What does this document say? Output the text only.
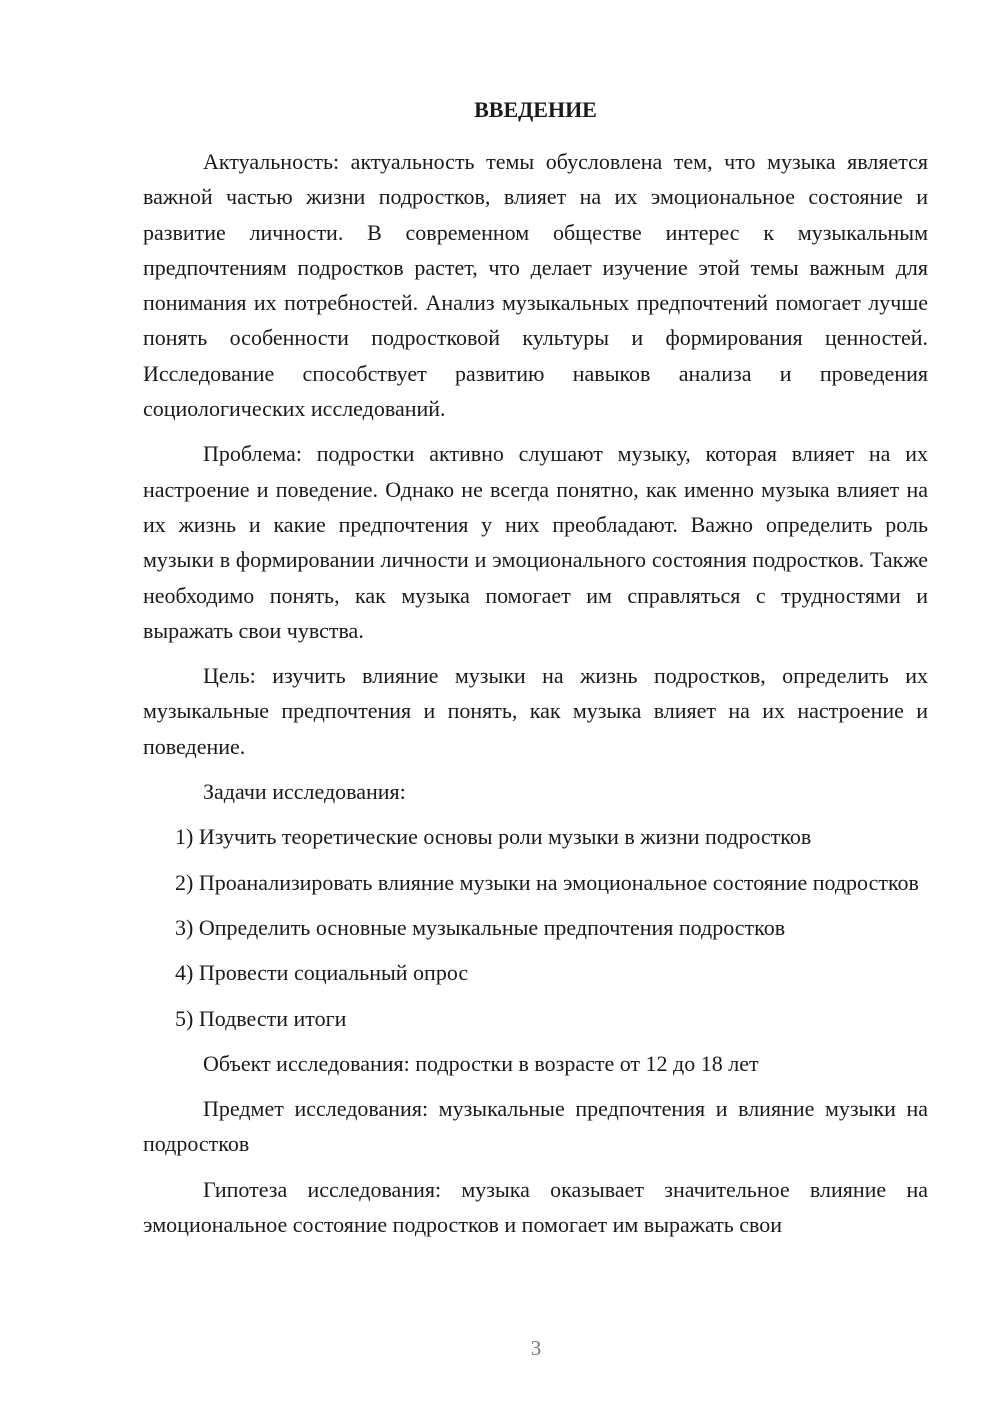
ВВЕДЕНИЕ

Актуальность: актуальность темы обусловлена тем, что музыка является важной частью жизни подростков, влияет на их эмоциональное состояние и развитие личности. В современном обществе интерес к музыкальным предпочтениям подростков растет, что делает изучение этой темы важным для понимания их потребностей. Анализ музыкальных предпочтений помогает лучше понять особенности подростковой культуры и формирования ценностей. Исследование способствует развитию навыков анализа и проведения социологических исследований.

Проблема: подростки активно слушают музыку, которая влияет на их настроение и поведение. Однако не всегда понятно, как именно музыка влияет на их жизнь и какие предпочтения у них преобладают. Важно определить роль музыки в формировании личности и эмоционального состояния подростков. Также необходимо понять, как музыка помогает им справляться с трудностями и выражать свои чувства.

Цель: изучить влияние музыки на жизнь подростков, определить их музыкальные предпочтения и понять, как музыка влияет на их настроение и поведение.

Задачи исследования:

1) Изучить теоретические основы роли музыки в жизни подростков

2) Проанализировать влияние музыки на эмоциональное состояние подростков

3) Определить основные музыкальные предпочтения подростков

4) Провести социальный опрос

5) Подвести итоги

Объект исследования: подростки в возрасте от 12 до 18 лет

Предмет исследования: музыкальные предпочтения и влияние музыки на подростков

Гипотеза исследования: музыка оказывает значительное влияние на эмоциональное состояние подростков и помогает им выражать свои

3
